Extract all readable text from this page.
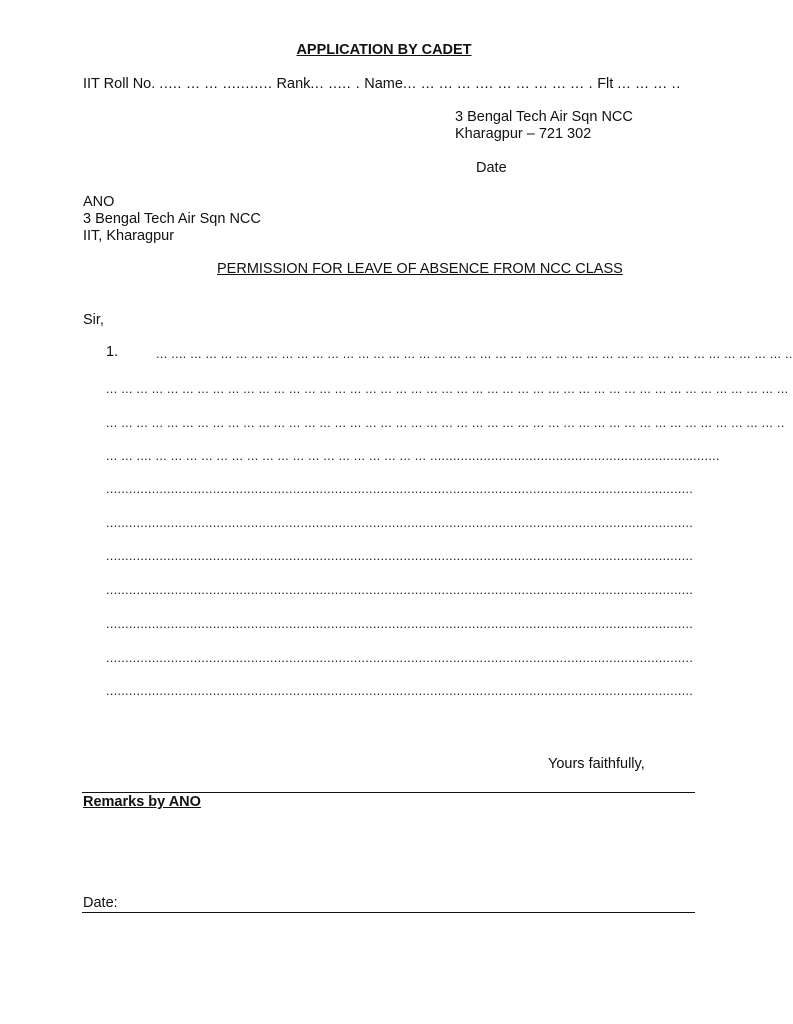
APPLICATION BY CADET
IIT Roll No. ..... ... ... ........... Rank... ..... . Name... ... ... ... .... ... ... ... ... ... . Flt ... ... ... ..
3 Bengal Tech Air Sqn NCC
Kharagpur – 721 302
Date
ANO
3 Bengal Tech Air Sqn NCC
IIT, Kharagpur
PERMISSION FOR LEAVE OF ABSENCE FROM NCC CLASS
Sir,
1.	... .... ... ... ... ... ... ... ... ... ... ... ... ... ... ... ... ... ... ... ... ... ... ... ... ... ... ... ... ... ... ... ... ... ... ... ... ... ... ... ... ..
... ... ... ... ... ... ... ... ... ... ... ... ... ... ... ... ... ... ... ... ... ... ... ... ... ... ... ... ... ... ... ... ... ... ... ... ... ... ... ... ... ... ... ... ...
... ... ... ... ... ... ... ... ... ... ... ... ... ... ... ... ... ... ... ... ... ... ... ... ... ... ... ... ... ... ... ... ... ... ... ... ... ... ... ... ... ... ... ... ..
... ... .... ... ... ... ... ... ... ... ... ... ... ... ... ... ... ... ... ... ... ............................................................................
..........................................................................................................................................................
..........................................................................................................................................................
..........................................................................................................................................................
..........................................................................................................................................................
..........................................................................................................................................................
..........................................................................................................................................................
..........................................................................................................................................................
Yours faithfully,
Remarks by ANO
Date:
